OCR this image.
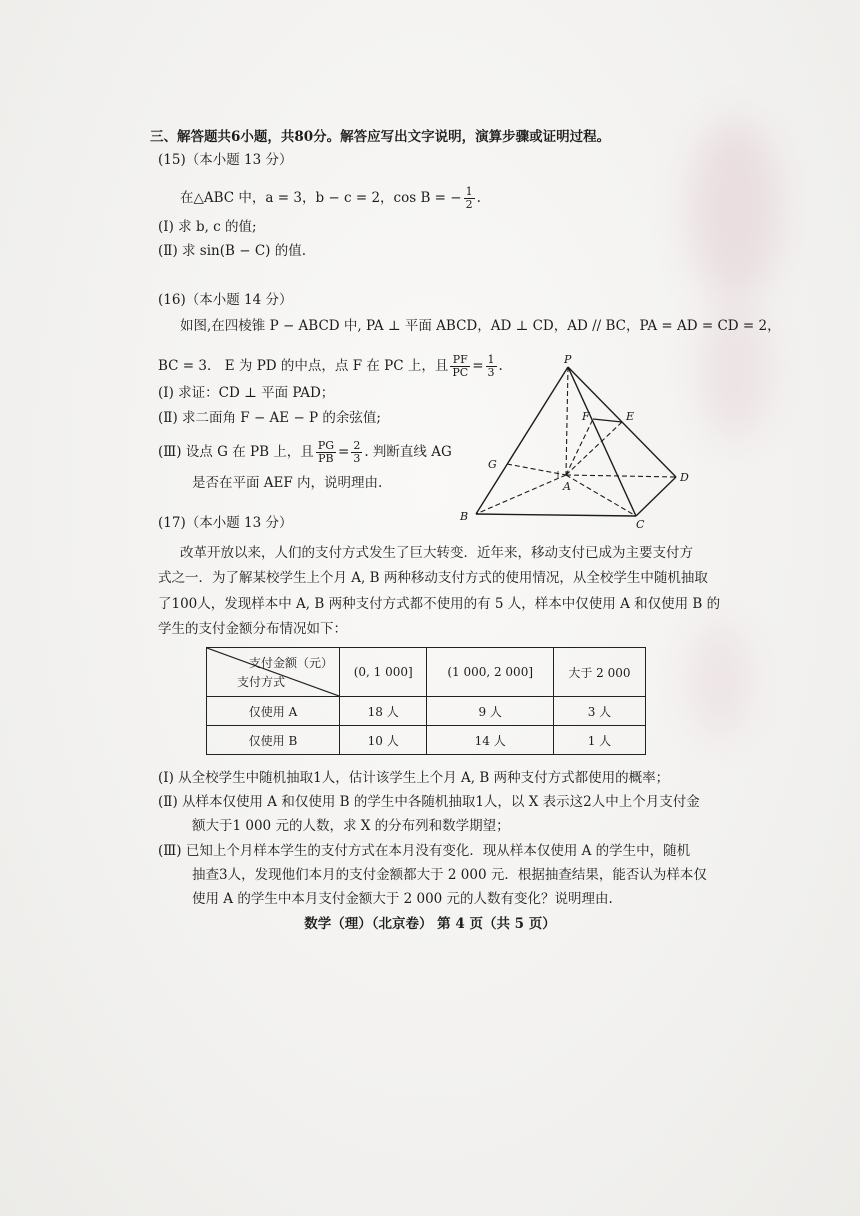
三、解答题共6小题，共80分。解答应写出文字说明，演算步骤或证明过程。
(15)（本小题 13 分）
在△ABC 中，a = 3，b − c = 2，cos B = − $\frac{1}{2}$ .
(Ⅰ) 求 b, c 的值;
(Ⅱ) 求 sin(B − C) 的值.
(16)（本小题 14 分）
如图,在四棱锥 P − ABCD 中, PA ⊥ 平面 ABCD，AD ⊥ CD，AD // BC，PA = AD = CD = 2，
BC = 3． E 为 PD 的中点，点 F 在 PC 上，且 $\frac{PF}{PC} = \frac{1}{3}$ .
(Ⅰ) 求证：CD ⊥ 平面 PAD；
(Ⅱ) 求二面角 F − AE − P 的余弦值;
(Ⅲ) 设点 G 在 PB 上，且 $\frac{PG}{PB} = \frac{2}{3}$ . 判断直线 AG
是否在平面 AEF 内，说明理由.
P
F	E
G
A
D
B
C
(17)（本小题 13 分）
改革开放以来，人们的支付方式发生了巨大转变．近年来，移动支付已成为主要支付方
式之一．为了解某校学生上个月 A, B 两种移动支付方式的使用情况，从全校学生中随机抽取
了100人，发现样本中 A, B 两种支付方式都不使用的有 5 人，样本中仅使用 A 和仅使用 B 的
学生的支付金额分布情况如下：
支付金额（元）
支付方式	(0, 1 000]	(1 000, 2 000]	大于 2 000
仅使用 A	18 人	9 人	3 人
仅使用 B	10 人	14 人	1 人
(Ⅰ) 从全校学生中随机抽取1人，估计该学生上个月 A, B 两种支付方式都使用的概率；
(Ⅱ) 从样本仅使用 A 和仅使用 B 的学生中各随机抽取1人，以 X 表示这2人中上个月支付金
额大于1 000 元的人数，求 X 的分布列和数学期望；
(Ⅲ) 已知上个月样本学生的支付方式在本月没有变化．现从样本仅使用 A 的学生中，随机
抽查3人，发现他们本月的支付金额都大于 2 000 元．根据抽查结果，能否认为样本仅
使用 A 的学生中本月支付金额大于 2 000 元的人数有变化？说明理由.
数学（理）（北京卷） 第 4 页（共 5 页）
